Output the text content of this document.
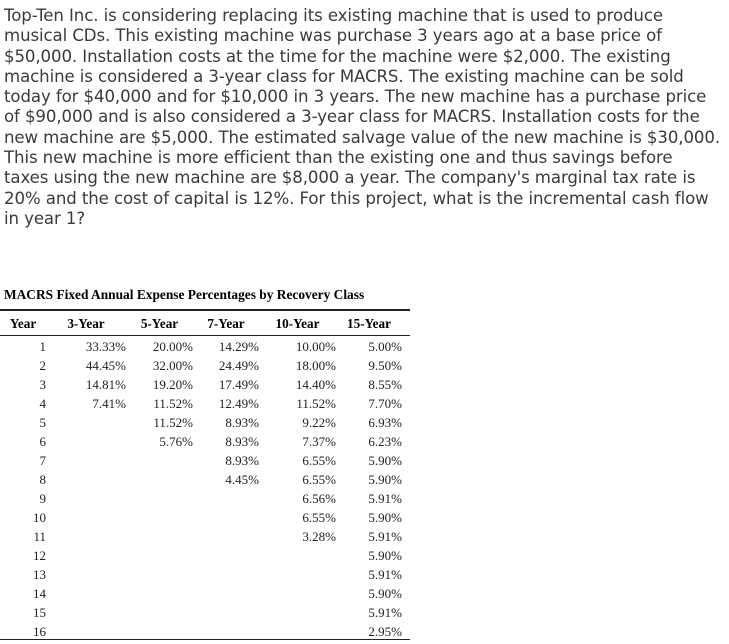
Top-Ten Inc. is considering replacing its existing machine that is used to produce musical CDs. This existing machine was purchase 3 years ago at a base price of $50,000. Installation costs at the time for the machine were $2,000. The existing machine is considered a 3-year class for MACRS. The existing machine can be sold today for $40,000 and for $10,000 in 3 years. The new machine has a purchase price of $90,000 and is also considered a 3-year class for MACRS. Installation costs for the new machine are $5,000. The estimated salvage value of the new machine is $30,000. This new machine is more efficient than the existing one and thus savings before taxes using the new machine are $8,000 a year. The company's marginal tax rate is 20% and the cost of capital is 12%. For this project, what is the incremental cash flow in year 1?

MACRS Fixed Annual Expense Percentages by Recovery Class
Year	3-Year	5-Year	7-Year	10-Year	15-Year
1	33.33%	20.00%	14.29%	10.00%	5.00%
2	44.45%	32.00%	24.49%	18.00%	9.50%
3	14.81%	19.20%	17.49%	14.40%	8.55%
4	7.41%	11.52%	12.49%	11.52%	7.70%
5		11.52%	8.93%	9.22%	6.93%
6		5.76%	8.93%	7.37%	6.23%
7			8.93%	6.55%	5.90%
8			4.45%	6.55%	5.90%
9				6.56%	5.91%
10				6.55%	5.90%
11				3.28%	5.91%
12					5.90%
13					5.91%
14					5.90%
15					5.91%
16					2.95%
